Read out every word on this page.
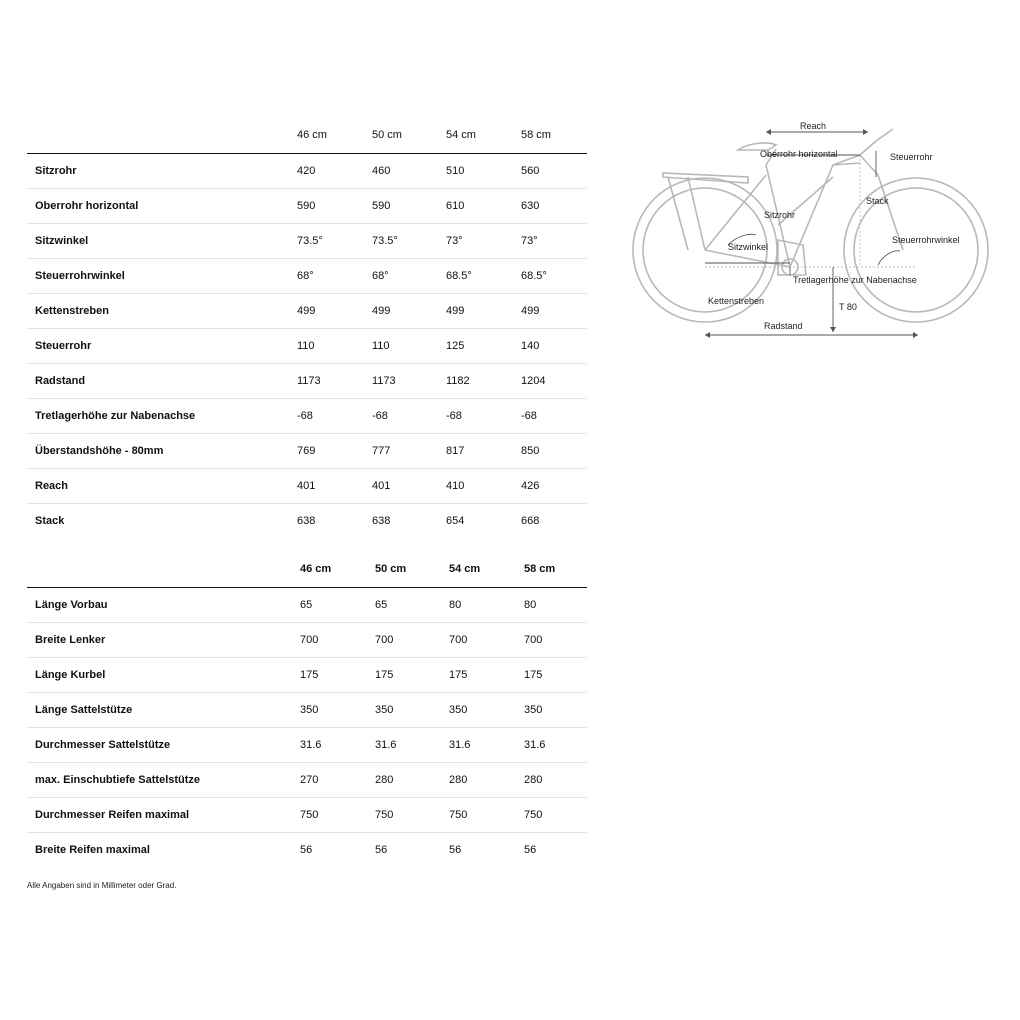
	46 cm	50 cm	54 cm	58 cm
Sitzrohr	420	460	510	560
Oberrohr horizontal	590	590	610	630
Sitzwinkel	73.5°	73.5°	73°	73°
Steuerrohrwinkel	68°	68°	68.5°	68.5°
Kettenstreben	499	499	499	499
Steuerrohr	110	110	125	140
Radstand	1173	1173	1182	1204
Tretlagerhöhe zur Nabenachse	-68	-68	-68	-68
Überstandshöhe - 80mm	769	777	817	850
Reach	401	401	410	426
Stack	638	638	654	668
	46 cm	50 cm	54 cm	58 cm
Länge Vorbau	65	65	80	80
Breite Lenker	700	700	700	700
Länge Kurbel	175	175	175	175
Länge Sattelstütze	350	350	350	350
Durchmesser Sattelstütze	31.6	31.6	31.6	31.6
max. Einschubtiefe Sattelstütze	270	280	280	280
Durchmesser Reifen maximal	750	750	750	750
Breite Reifen maximal	56	56	56	56
Alle Angaben sind in Millimeter oder Grad.
Reach
Oberrohr horizontal	Steuerrohr
Stack
Sitzrohr
Sitzwinkel
Steuerrohrwinkel
Tretlagerhöhe zur Nabenachse
Kettenstreben
T 80
Radstand
